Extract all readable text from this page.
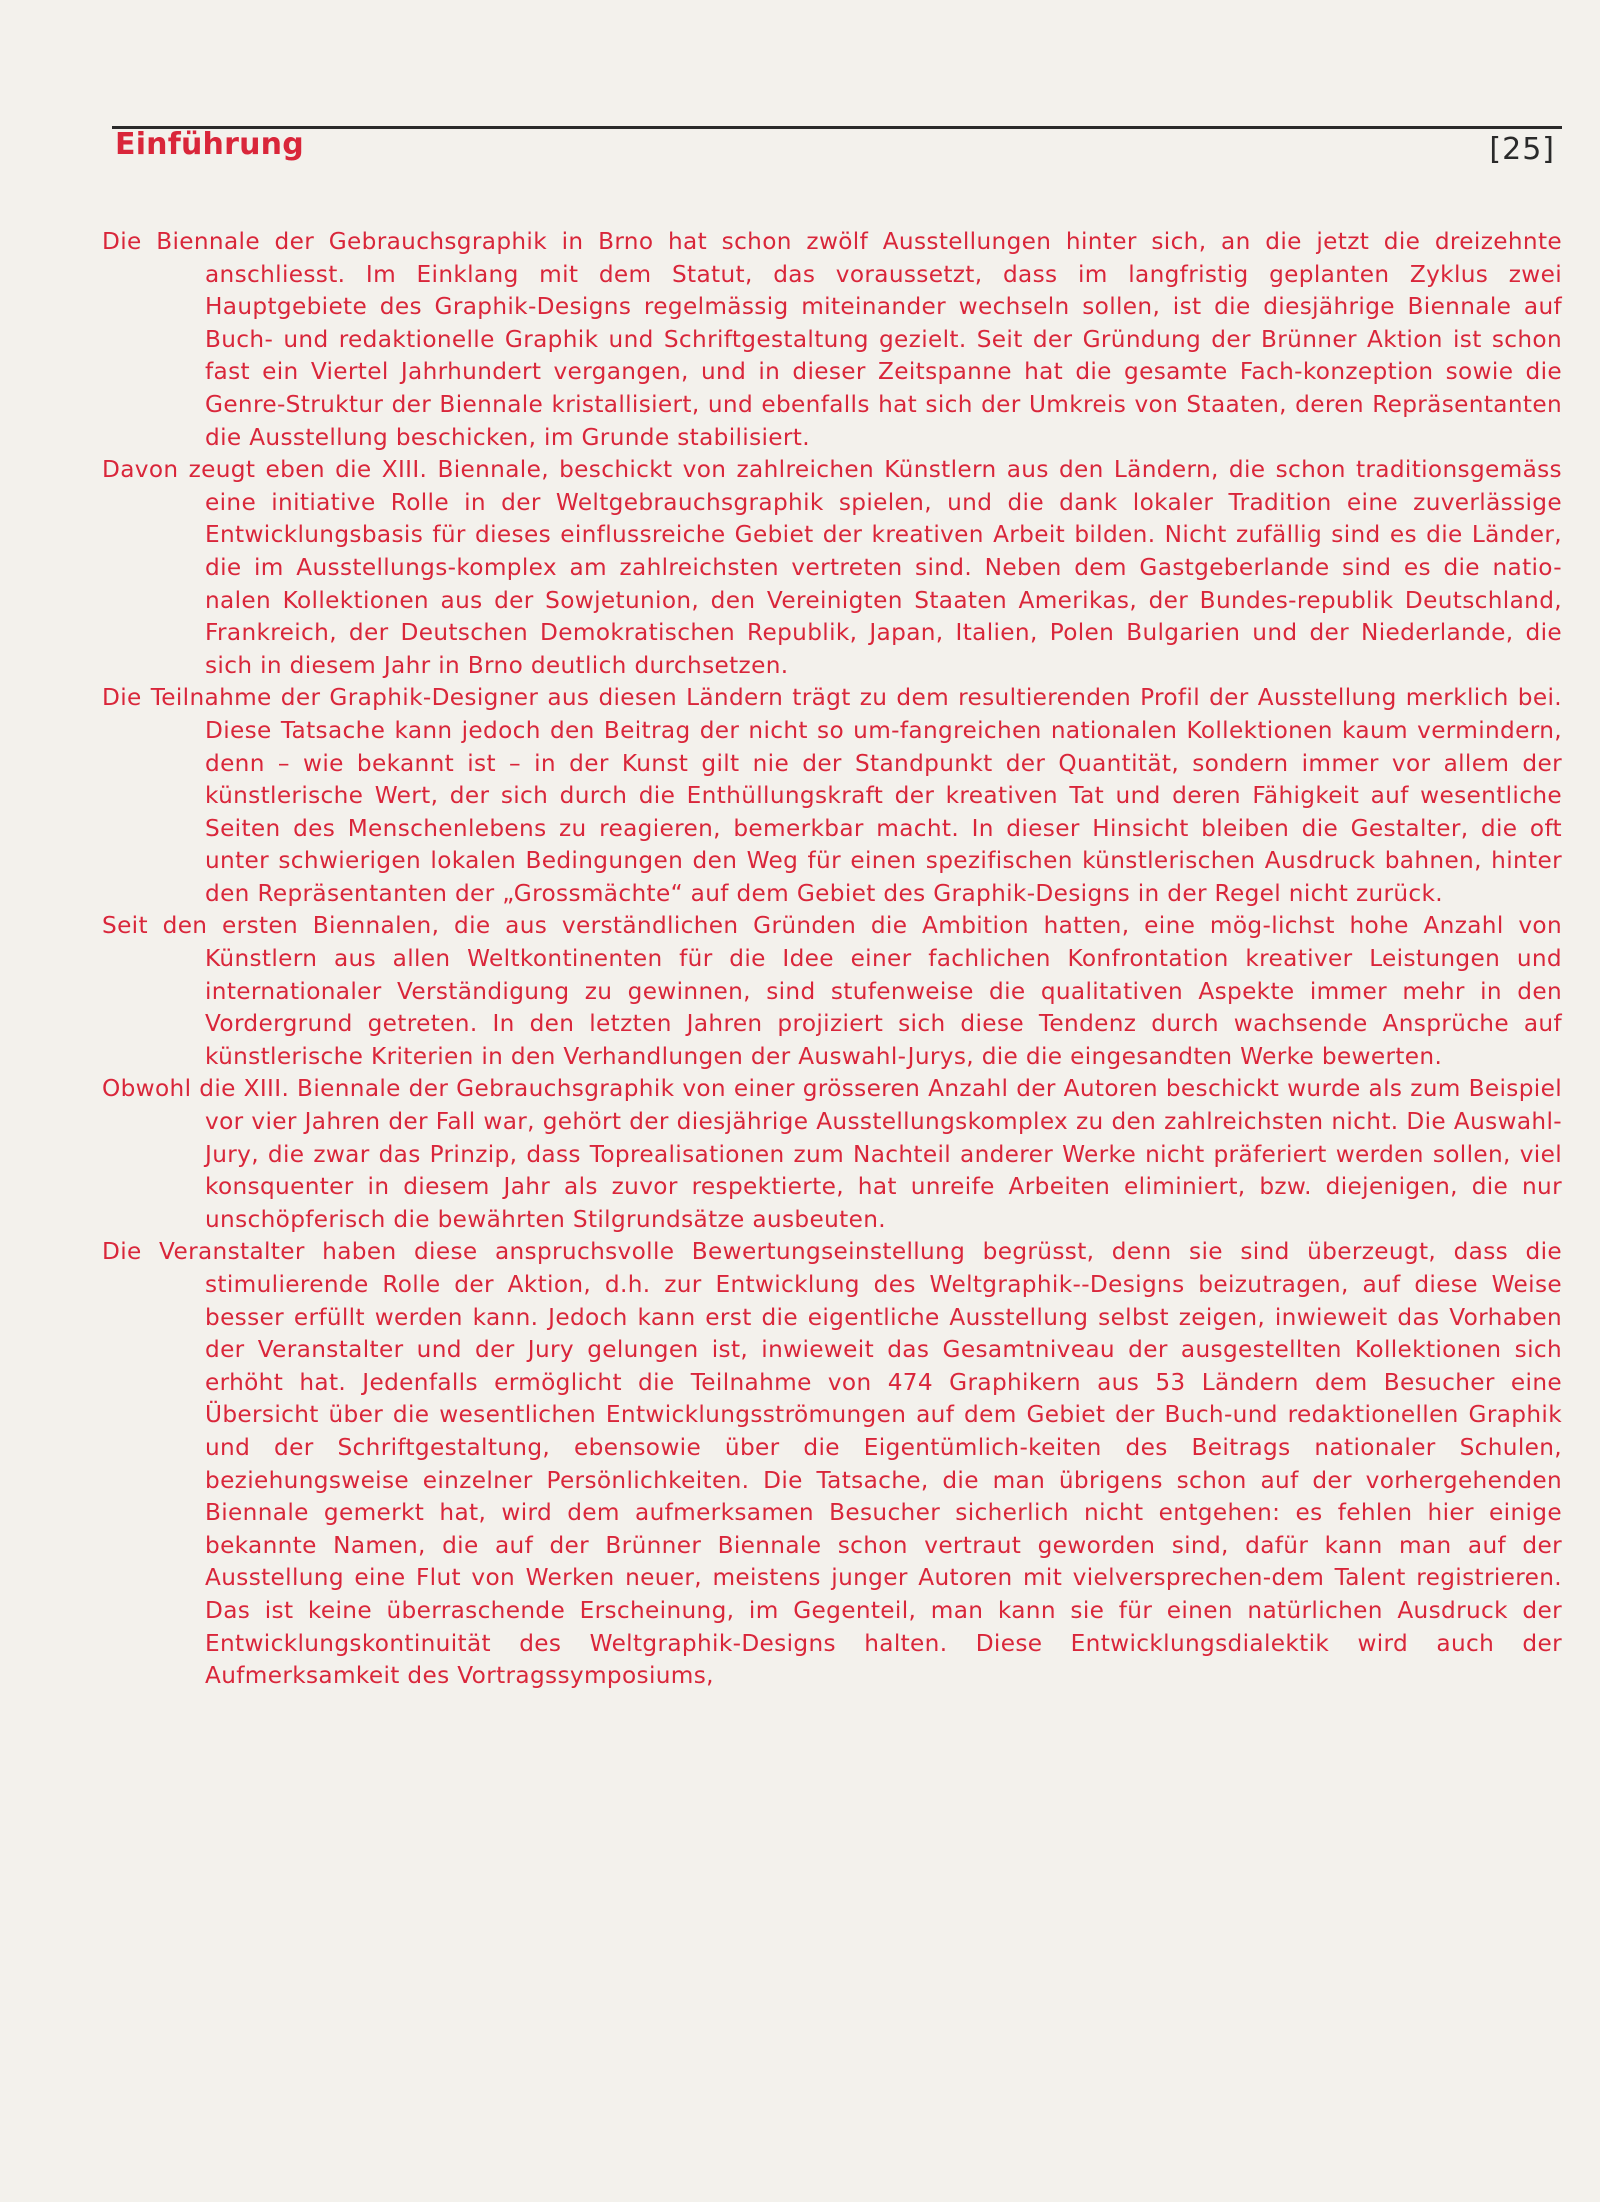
Einführung	[25]

Die Biennale der Gebrauchsgraphik in Brno hat schon zwölf Ausstellungen hinter sich, an die jetzt die dreizehnte anschliesst. Im Einklang mit dem Statut, das voraussetzt, dass im langfristig geplanten Zyklus zwei Hauptgebiete des Graphik-Designs regelmässig miteinander wechseln sollen, ist die diesjährige Biennale auf Buch- und redaktionelle Graphik und Schriftgestaltung gezielt. Seit der Gründung der Brünner Aktion ist schon fast ein Viertel Jahrhundert vergangen, und in dieser Zeitspanne hat die gesamte Fach-konzeption sowie die Genre-Struktur der Biennale kristallisiert, und ebenfalls hat sich der Umkreis von Staaten, deren Repräsentanten die Ausstellung beschicken, im Grunde stabilisiert.

Davon zeugt eben die XIII. Biennale, beschickt von zahlreichen Künstlern aus den Ländern, die schon traditionsgemäss eine initiative Rolle in der Weltgebrauchsgraphik spielen, und die dank lokaler Tradition eine zuverlässige Entwicklungsbasis für dieses einflussreiche Gebiet der kreativen Arbeit bilden. Nicht zufällig sind es die Länder, die im Ausstellungs-komplex am zahlreichsten vertreten sind. Neben dem Gastgeberlande sind es die natio-nalen Kollektionen aus der Sowjetunion, den Vereinigten Staaten Amerikas, der Bundes-republik Deutschland, Frankreich, der Deutschen Demokratischen Republik, Japan, Italien, Polen Bulgarien und der Niederlande, die sich in diesem Jahr in Brno deutlich durchsetzen.

Die Teilnahme der Graphik-Designer aus diesen Ländern trägt zu dem resultierenden Profil der Ausstellung merklich bei. Diese Tatsache kann jedoch den Beitrag der nicht so um-fangreichen nationalen Kollektionen kaum vermindern, denn – wie bekannt ist – in der Kunst gilt nie der Standpunkt der Quantität, sondern immer vor allem der künstlerische Wert, der sich durch die Enthüllungskraft der kreativen Tat und deren Fähigkeit auf wesentliche Seiten des Menschenlebens zu reagieren, bemerkbar macht. In dieser Hinsicht bleiben die Gestalter, die oft unter schwierigen lokalen Bedingungen den Weg für einen spezifischen künstlerischen Ausdruck bahnen, hinter den Repräsentanten der „Grossmächte“ auf dem Gebiet des Graphik-Designs in der Regel nicht zurück.

Seit den ersten Biennalen, die aus verständlichen Gründen die Ambition hatten, eine mög-lichst hohe Anzahl von Künstlern aus allen Weltkontinenten für die Idee einer fachlichen Konfrontation kreativer Leistungen und internationaler Verständigung zu gewinnen, sind stufenweise die qualitativen Aspekte immer mehr in den Vordergrund getreten. In den letzten Jahren projiziert sich diese Tendenz durch wachsende Ansprüche auf künstlerische Kriterien in den Verhandlungen der Auswahl-Jurys, die die eingesandten Werke bewerten.

Obwohl die XIII. Biennale der Gebrauchsgraphik von einer grösseren Anzahl der Autoren beschickt wurde als zum Beispiel vor vier Jahren der Fall war, gehört der diesjährige Ausstellungskomplex zu den zahlreichsten nicht. Die Auswahl-Jury, die zwar das Prinzip, dass Toprealisationen zum Nachteil anderer Werke nicht präferiert werden sollen, viel konsquenter in diesem Jahr als zuvor respektierte, hat unreife Arbeiten eliminiert, bzw. diejenigen, die nur unschöpferisch die bewährten Stilgrundsätze ausbeuten.

Die Veranstalter haben diese anspruchsvolle Bewertungseinstellung begrüsst, denn sie sind überzeugt, dass die stimulierende Rolle der Aktion, d.h. zur Entwicklung des Weltgraphik--Designs beizutragen, auf diese Weise besser erfüllt werden kann. Jedoch kann erst die eigentliche Ausstellung selbst zeigen, inwieweit das Vorhaben der Veranstalter und der Jury gelungen ist, inwieweit das Gesamtniveau der ausgestellten Kollektionen sich erhöht hat. Jedenfalls ermöglicht die Teilnahme von 474 Graphikern aus 53 Ländern dem Besucher eine Übersicht über die wesentlichen Entwicklungsströmungen auf dem Gebiet der Buch-und redaktionellen Graphik und der Schriftgestaltung, ebensowie über die Eigentümlich-keiten des Beitrags nationaler Schulen, beziehungsweise einzelner Persönlichkeiten. Die Tatsache, die man übrigens schon auf der vorhergehenden Biennale gemerkt hat, wird dem aufmerksamen Besucher sicherlich nicht entgehen: es fehlen hier einige bekannte Namen, die auf der Brünner Biennale schon vertraut geworden sind, dafür kann man auf der Ausstellung eine Flut von Werken neuer, meistens junger Autoren mit vielversprechen-dem Talent registrieren. Das ist keine überraschende Erscheinung, im Gegenteil, man kann sie für einen natürlichen Ausdruck der Entwicklungskontinuität des Weltgraphik-Designs halten. Diese Entwicklungsdialektik wird auch der Aufmerksamkeit des Vortragssymposiums,
